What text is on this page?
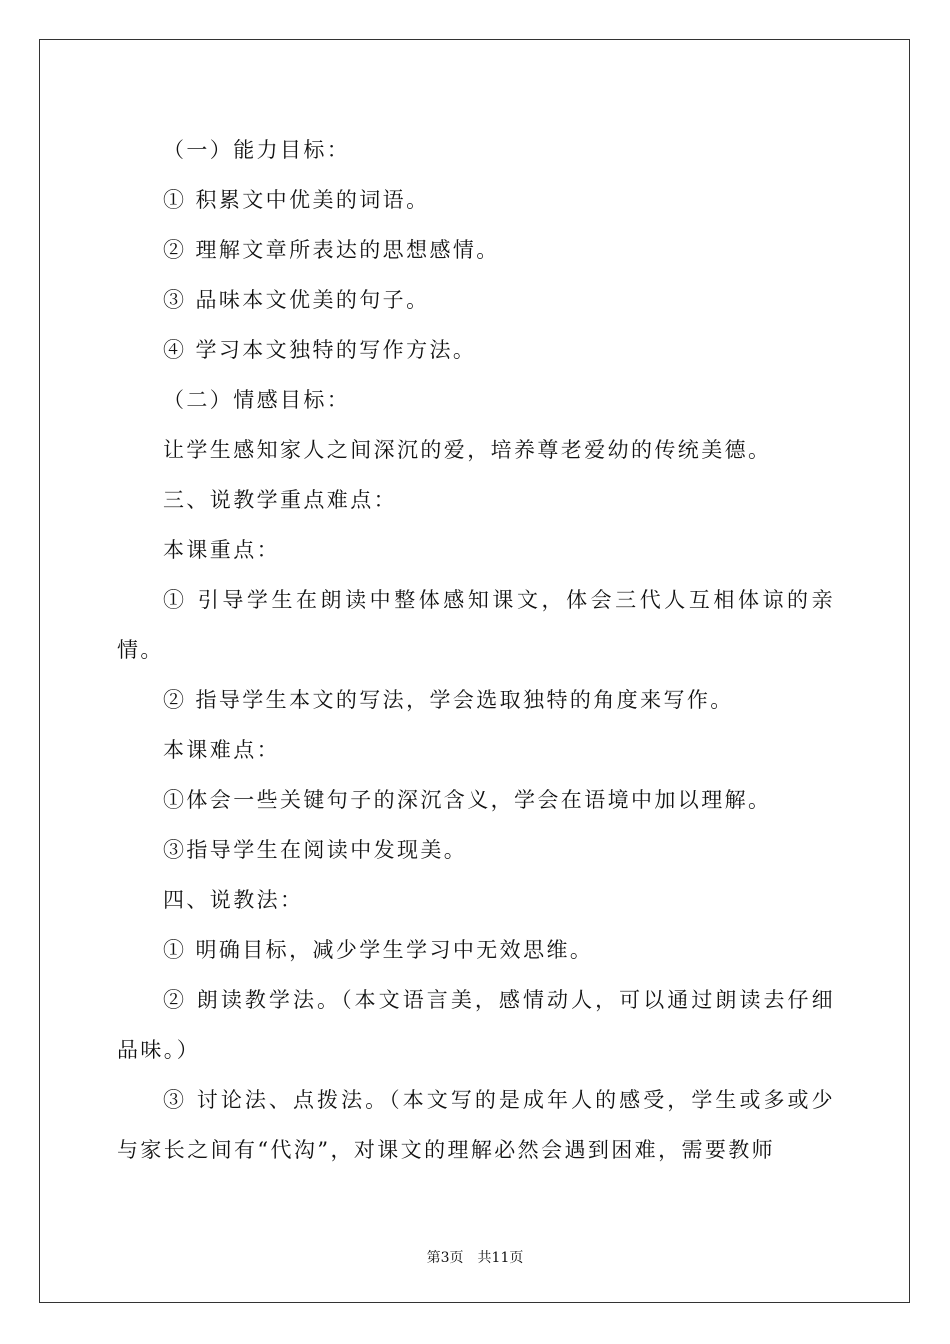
（一）能力目标：

① 积累文中优美的词语。

② 理解文章所表达的思想感情。

③ 品味本文优美的句子。

④ 学习本文独特的写作方法。

（二）情感目标：

让学生感知家人之间深沉的爱，培养尊老爱幼的传统美德。

三、说教学重点难点：

本课重点：

① 引导学生在朗读中整体感知课文，体会三代人互相体谅的亲情。

② 指导学生本文的写法，学会选取独特的角度来写作。

本课难点：

①体会一些关键句子的深沉含义，学会在语境中加以理解。

③指导学生在阅读中发现美。

四、说教法：

① 明确目标，减少学生学习中无效思维。

② 朗读教学法。（本文语言美，感情动人，可以通过朗读去仔细品味。）

③ 讨论法、点拨法。（本文写的是成年人的感受，学生或多或少与家长之间有“代沟”，对课文的理解必然会遇到困难，需要教师

第3页 共11页
